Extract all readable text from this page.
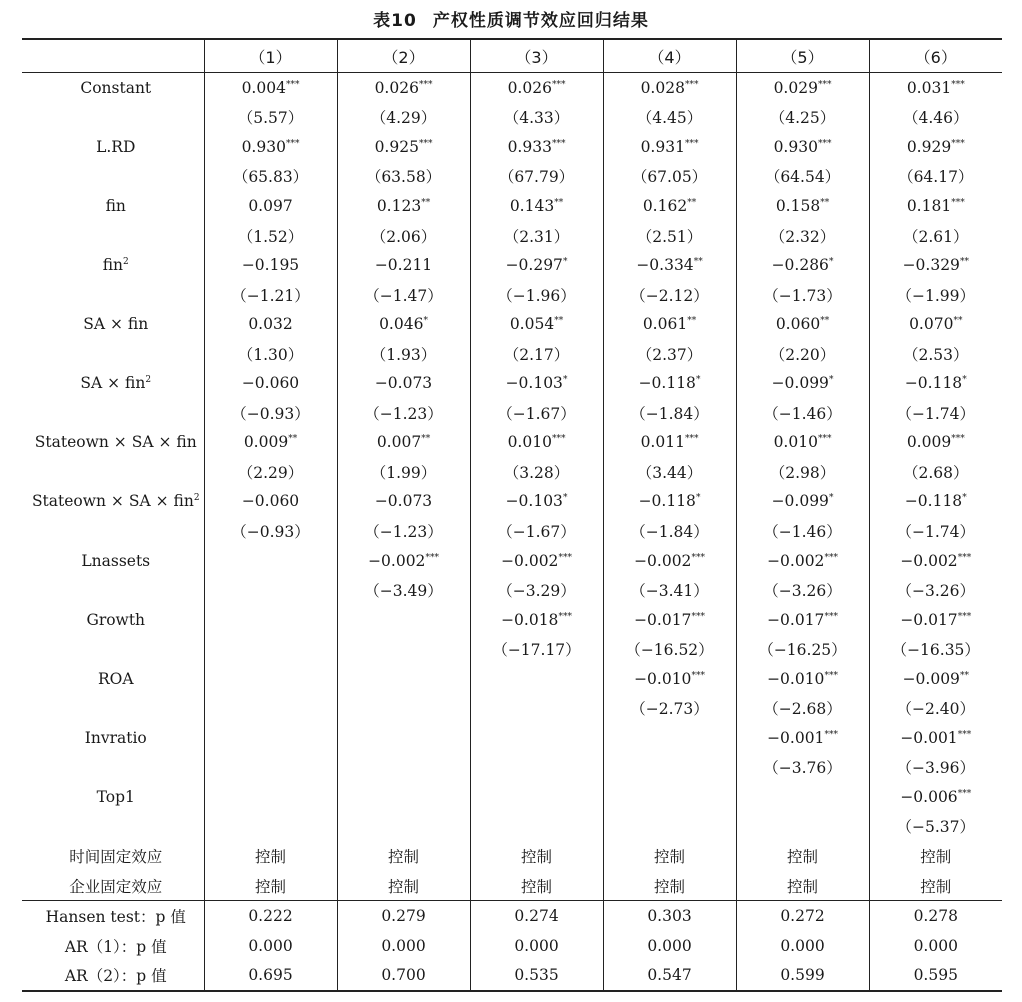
表10 产权性质调节效应回归结果
	（1）	（2）	（3）	（4）	（5）	（6）
Constant	0.004***	0.026***	0.026***	0.028***	0.029***	0.031***
	（5.57）	（4.29）	（4.33）	（4.45）	（4.25）	（4.46）
L.RD	0.930***	0.925***	0.933***	0.931***	0.930***	0.929***
	（65.83）	（63.58）	（67.79）	（67.05）	（64.54）	（64.17）
fin	0.097	0.123**	0.143**	0.162**	0.158**	0.181***
	（1.52）	（2.06）	（2.31）	（2.51）	（2.32）	（2.61）
fin$^2$	−0.195	−0.211	−0.297*	−0.334**	−0.286*	−0.329**
	（−1.21）	（−1.47）	（−1.96）	（−2.12）	（−1.73）	（−1.99）
SA × fin	0.032	0.046*	0.054**	0.061**	0.060**	0.070**
	（1.30）	（1.93）	（2.17）	（2.37）	（2.20）	（2.53）
SA × fin$^2$	−0.060	−0.073	−0.103*	−0.118*	−0.099*	−0.118*
	（−0.93）	（−1.23）	（−1.67）	（−1.84）	（−1.46）	（−1.74）
Stateown × SA × fin	0.009**	0.007**	0.010***	0.011***	0.010***	0.009***
	（2.29）	（1.99）	（3.28）	（3.44）	（2.98）	（2.68）
Stateown × SA × fin$^2$	−0.060	−0.073	−0.103*	−0.118*	−0.099*	−0.118*
	（−0.93）	（−1.23）	（−1.67）	（−1.84）	（−1.46）	（−1.74）
Lnassets		−0.002***	−0.002***	−0.002***	−0.002***	−0.002***
		（−3.49）	（−3.29）	（−3.41）	（−3.26）	（−3.26）
Growth			−0.018***	−0.017***	−0.017***	−0.017***
			（−17.17）	（−16.52）	（−16.25）	（−16.35）
ROA				−0.010***	−0.010***	−0.009**
				（−2.73）	（−2.68）	（−2.40）
Invratio					−0.001***	−0.001***
					（−3.76）	（−3.96）
Top1						−0.006***
						（−5.37）
时间固定效应	控制	控制	控制	控制	控制	控制
企业固定效应	控制	控制	控制	控制	控制	控制
Hansen test：p 值	0.222	0.279	0.274	0.303	0.272	0.278
AR（1）：p 值	0.000	0.000	0.000	0.000	0.000	0.000
AR（2）：p 值	0.695	0.700	0.535	0.547	0.599	0.595
